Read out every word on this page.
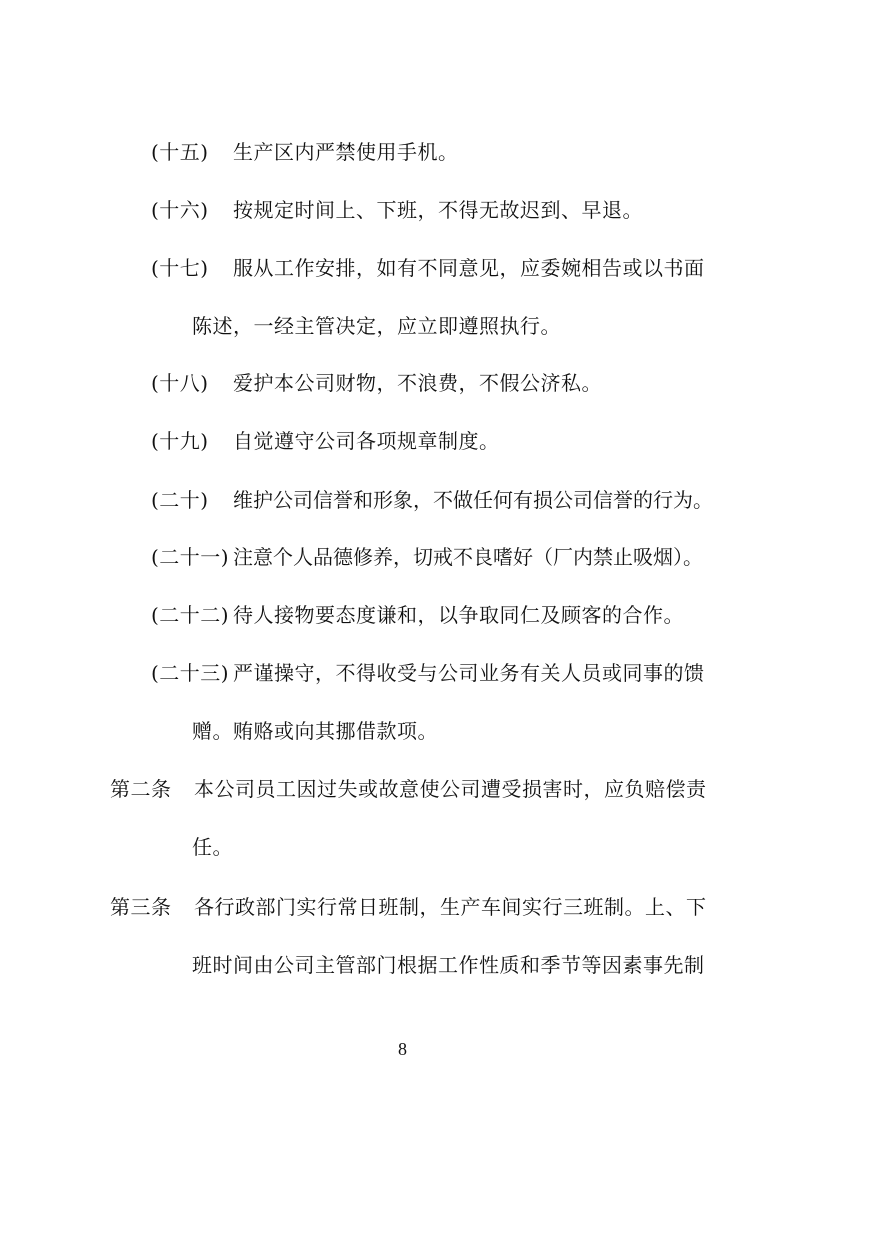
(十五) 生产区内严禁使用手机。
(十六) 按规定时间上、下班，不得无故迟到、早退。
(十七) 服从工作安排，如有不同意见，应委婉相告或以书面
陈述，一经主管决定，应立即遵照执行。
(十八) 爱护本公司财物，不浪费，不假公济私。
(十九) 自觉遵守公司各项规章制度。
(二十) 维护公司信誉和形象，不做任何有损公司信誉的行为。
(二十一) 注意个人品德修养，切戒不良嗜好（厂内禁止吸烟）。
(二十二) 待人接物要态度谦和，以争取同仁及顾客的合作。
(二十三) 严谨操守，不得收受与公司业务有关人员或同事的馈
赠。贿赂或向其挪借款项。
第二条 本公司员工因过失或故意使公司遭受损害时，应负赔偿责
任。
第三条 各行政部门实行常日班制，生产车间实行三班制。上、下
班时间由公司主管部门根据工作性质和季节等因素事先制
8
